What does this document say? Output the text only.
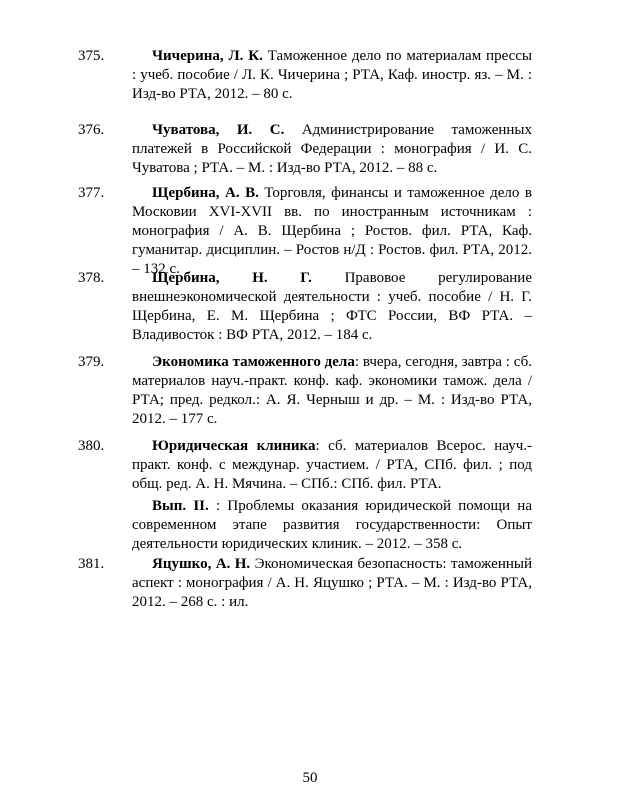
375.	Чичерина, Л. К. Таможенное дело по материалам прессы : учеб. пособие / Л. К. Чичерина ; РТА, Каф. иностр. яз. – М. : Изд-во РТА, 2012. – 80 с.

376.	Чуватова, И. С. Администрирование таможенных платежей в Российской Федерации : монография / И. С. Чуватова ; РТА. – М. : Изд-во РТА, 2012. – 88 с.

377.	Щербина, А. В. Торговля, финансы и таможенное дело в Московии XVI-XVII вв. по иностранным источникам : монография / А. В. Щербина ; Ростов. фил. РТА, Каф. гуманитар. дисциплин. – Ростов н/Д : Ростов. фил. РТА, 2012. – 132 с.

378.	Щербина, Н. Г. Правовое регулирование внешнеэкономической деятельности : учеб. пособие / Н. Г. Щербина, Е. М. Щербина ; ФТС России, ВФ РТА. – Владивосток : ВФ РТА, 2012. – 184 с.

379.	Экономика таможенного дела: вчера, сегодня, завтра : сб. материалов науч.-практ. конф. каф. экономики тамож. дела / РТА; пред. редкол.: А. Я. Черныш и др. – М. : Изд-во РТА, 2012. – 177 с.

380.	Юридическая клиника: сб. материалов Всерос. науч.-практ. конф. с междунар. участием. / РТА, СПб. фил. ; под общ. ред. А. Н. Мячина. – СПб.: СПб. фил. РТА.

Вып. II. : Проблемы оказания юридической помощи на современном этапе развития государственности: Опыт деятельности юридических клиник. – 2012. – 358 с.

381.	Яцушко, А. Н. Экономическая безопасность: таможенный аспект : монография / А. Н. Яцушко ; РТА. – М. : Изд-во РТА, 2012. – 268 с. : ил.

50
